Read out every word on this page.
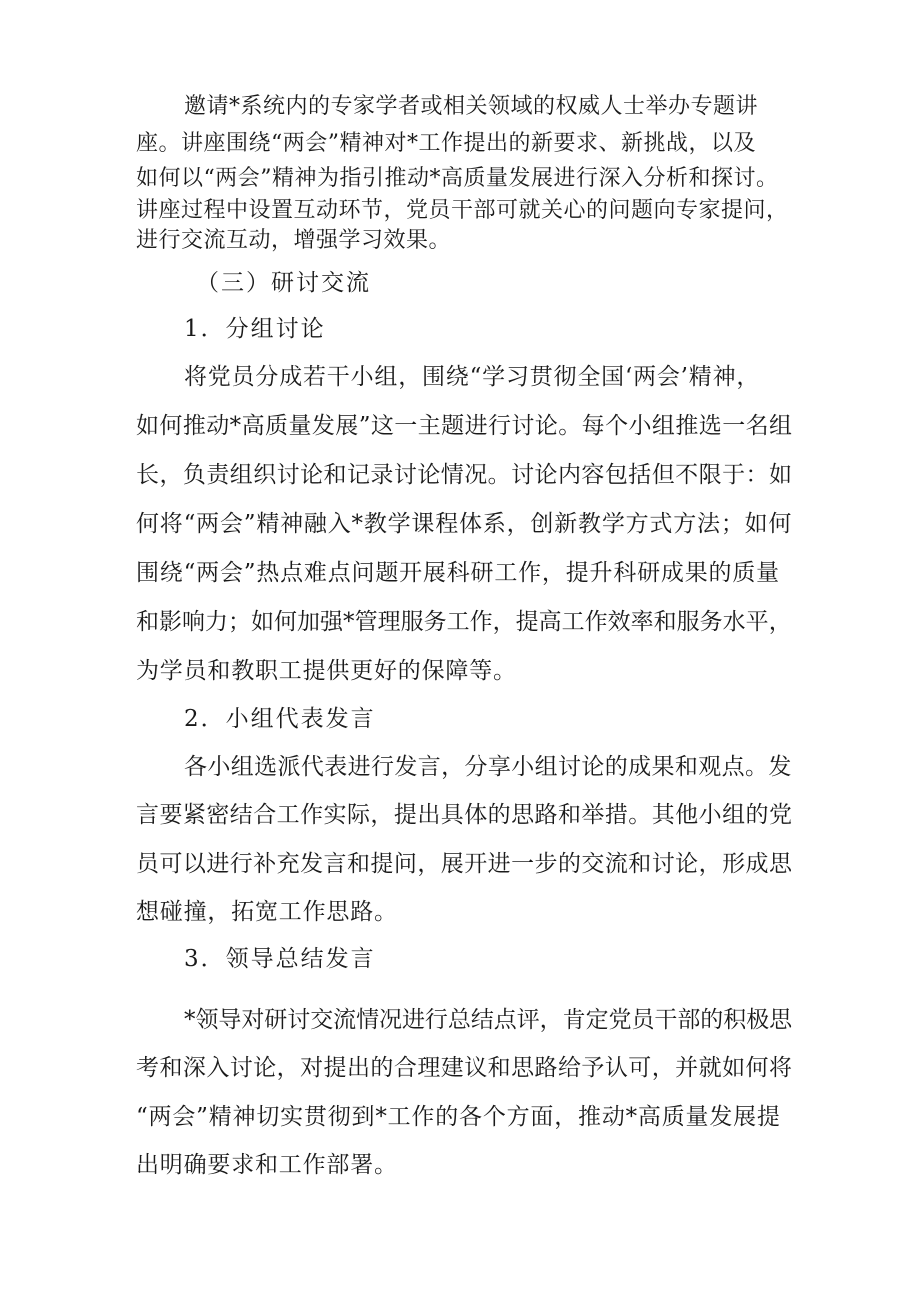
邀请*系统内的专家学者或相关领域的权威人士举办专题讲
座。讲座围绕“两会”精神对*工作提出的新要求、新挑战，以及
如何以“两会”精神为指引推动*高质量发展进行深入分析和探讨。
讲座过程中设置互动环节，党员干部可就关心的问题向专家提问，
进行交流互动，增强学习效果。
（三）研讨交流
1．分组讨论
将党员分成若干小组，围绕“学习贯彻全国‘两会’精神，
如何推动*高质量发展”这一主题进行讨论。每个小组推选一名组
长，负责组织讨论和记录讨论情况。讨论内容包括但不限于：如
何将“两会”精神融入*教学课程体系，创新教学方式方法；如何
围绕“两会”热点难点问题开展科研工作，提升科研成果的质量
和影响力；如何加强*管理服务工作，提高工作效率和服务水平，
为学员和教职工提供更好的保障等。
2．小组代表发言
各小组选派代表进行发言，分享小组讨论的成果和观点。发
言要紧密结合工作实际，提出具体的思路和举措。其他小组的党
员可以进行补充发言和提问，展开进一步的交流和讨论，形成思
想碰撞，拓宽工作思路。
3．领导总结发言
*领导对研讨交流情况进行总结点评，肯定党员干部的积极思
考和深入讨论，对提出的合理建议和思路给予认可，并就如何将
“两会”精神切实贯彻到*工作的各个方面，推动*高质量发展提
出明确要求和工作部署。
